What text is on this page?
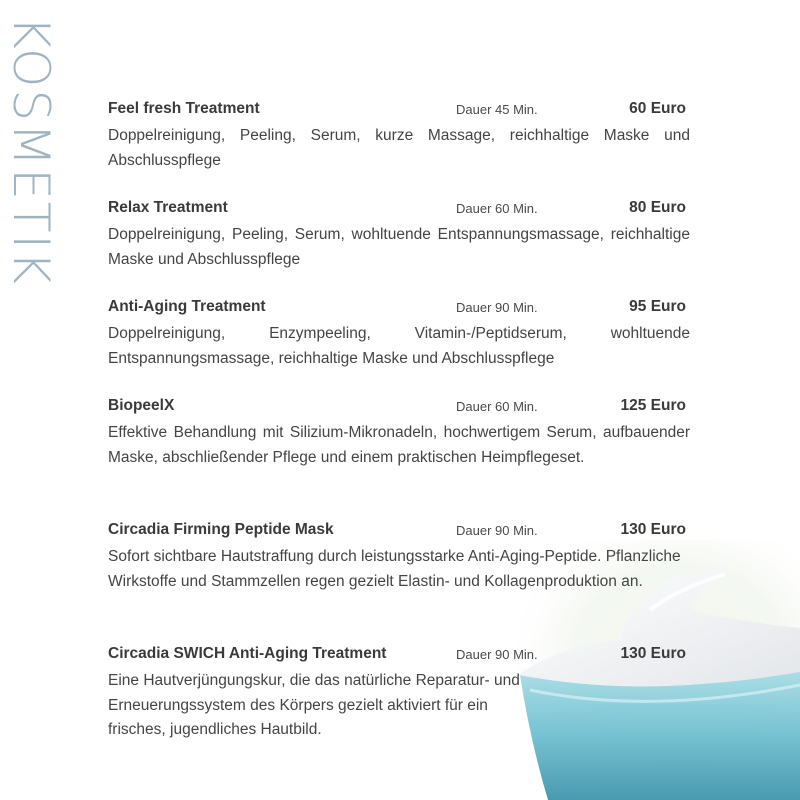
KOSMETIK	Feel fresh Treatment	Dauer 45 Min.	60 Euro

Doppelreinigung, Peeling, Serum, kurze Massage, reichhaltige Maske und Abschlusspflege

Relax Treatment	Dauer 60 Min.	80 Euro

Doppelreinigung, Peeling, Serum, wohltuende Entspannungsmassage, reichhaltige Maske und Abschlusspflege

Anti-Aging Treatment	Dauer 90 Min.	95 Euro

Doppelreinigung, Enzympeeling, Vitamin-/Peptidserum, wohltuende Entspannungsmassage, reichhaltige Maske und Abschlusspflege

BiopeelX	Dauer 60 Min.	125 Euro

Effektive Behandlung mit Silizium-Mikronadeln, hochwertigem Serum, aufbauender Maske, abschließender Pflege und einem praktischen Heimpflegeset.

Circadia Firming Peptide Mask	Dauer 90 Min.	130 Euro

Sofort sichtbare Hautstraffung durch leistungsstarke Anti-Aging-Peptide. Pflanzliche Wirkstoffe und Stammzellen regen gezielt Elastin- und Kollagenproduktion an.

Circadia SWICH Anti-Aging Treatment	Dauer 90 Min.	130 Euro

Eine Hautverjüngungskur, die das natürliche Reparatur- und Erneuerungssystem des Körpers gezielt aktiviert für ein frisches, jugendliches Hautbild.
